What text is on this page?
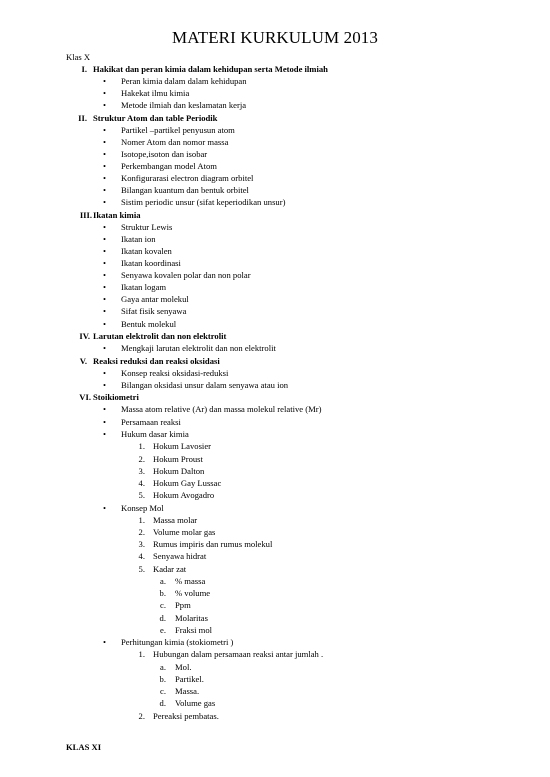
MATERI KURKULUM 2013
Klas X
I. Hakikat dan peran kimia dalam kehidupan serta Metode ilmiah
• Peran kimia dalam dalam kehidupan
• Hakekat ilmu kimia
• Metode ilmiah dan keslamatan kerja
II. Struktur Atom dan table Periodik
• Partikel –partikel penyusun atom
• Nomer Atom dan nomor massa
• Isotope,isoton dan isobar
• Perkembangan model Atom
• Konfigurarasi electron diagram orbitel
• Bilangan kuantum dan bentuk orbitel
• Sistim periodic unsur (sifat keperiodikan unsur)
III. Ikatan kimia
• Struktur Lewis
• Ikatan ion
• Ikatan kovalen
• Ikatan koordinasi
• Senyawa kovalen polar dan non polar
• Ikatan logam
• Gaya antar molekul
• Sifat fisik senyawa
• Bentuk molekul
IV. Larutan elektrolit dan non elektrolit
• Mengkaji larutan elektrolit dan non elektrolit
V. Reaksi reduksi dan reaksi oksidasi
• Konsep reaksi oksidasi-reduksi
• Bilangan oksidasi unsur dalam senyawa atau ion
VI. Stoikiometri
• Massa atom relative (Ar) dan massa molekul relative (Mr)
• Persamaan reaksi
• Hukum dasar kimia
1. Hokum Lavosier
2. Hokum Proust
3. Hokum Dalton
4. Hokum Gay Lussac
5. Hokum Avogadro
• Konsep Mol
1. Massa molar
2. Volume molar gas
3. Rumus impiris dan rumus molekul
4. Senyawa hidrat
5. Kadar zat
a. % massa
b. % volume
c. Ppm
d. Molaritas
e. Fraksi mol
• Perhitungan kimia (stokiometri )
1. Hubungan dalam persamaan reaksi antar jumlah .
a. Mol.
b. Partikel.
c. Massa.
d. Volume gas
2. Pereaksi pembatas.
KLAS XI
